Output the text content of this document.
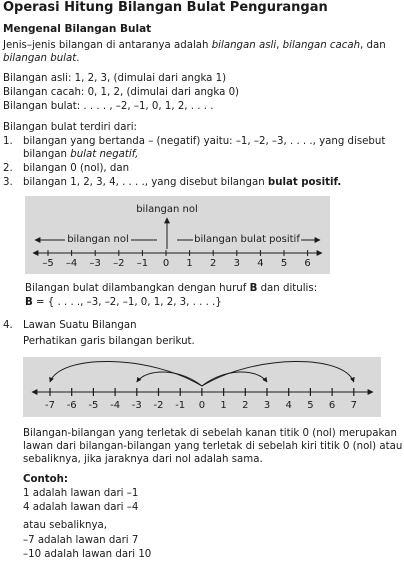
Operasi Hitung Bilangan Bulat Pengurangan
Mengenal Bilangan Bulat
Jenis–jenis bilangan di antaranya adalah bilangan asli, bilangan cacah, dan
bilangan bulat.
Bilangan asli: 1, 2, 3, (dimulai dari angka 1)
Bilangan cacah: 0, 1, 2, (dimulai dari angka 0)
Bilangan bulat: . . . . , –2, –1, 0, 1, 2, . . . .
Bilangan bulat terdiri dari:
1. bilangan yang bertanda – (negatif) yaitu: –1, –2, –3, . . . ., yang disebut
bilangan bulat negatif,
2. bilangan 0 (nol), dan
3. bilangan 1, 2, 3, 4, . . . ., yang disebut bilangan bulat positif.
Bilangan bulat dilambangkan dengan huruf B dan ditulis:
B = { . . . ., –3, –2, –1, 0, 1, 2, 3, . . . .}
4. Lawan Suatu Bilangan
Perhatikan garis bilangan berikut.
Bilangan-bilangan yang terletak di sebelah kanan titik 0 (nol) merupakan
lawan dari bilangan-bilangan yang terletak di sebelah kiri titik 0 (nol) atau
sebaliknya, jika jaraknya dari nol adalah sama.
Contoh:
1 adalah lawan dari –1
4 adalah lawan dari –4
atau sebaliknya,
–7 adalah lawan dari 7
–10 adalah lawan dari 10
–5 –4 –3 –2 –1 0 1 2 3 4 5 6
bilangan nol
bilangan nol	bilangan bulat positif
-7 -6 -5 -4 -3 -2 -1 0 1 2 3 4 5 6 7
